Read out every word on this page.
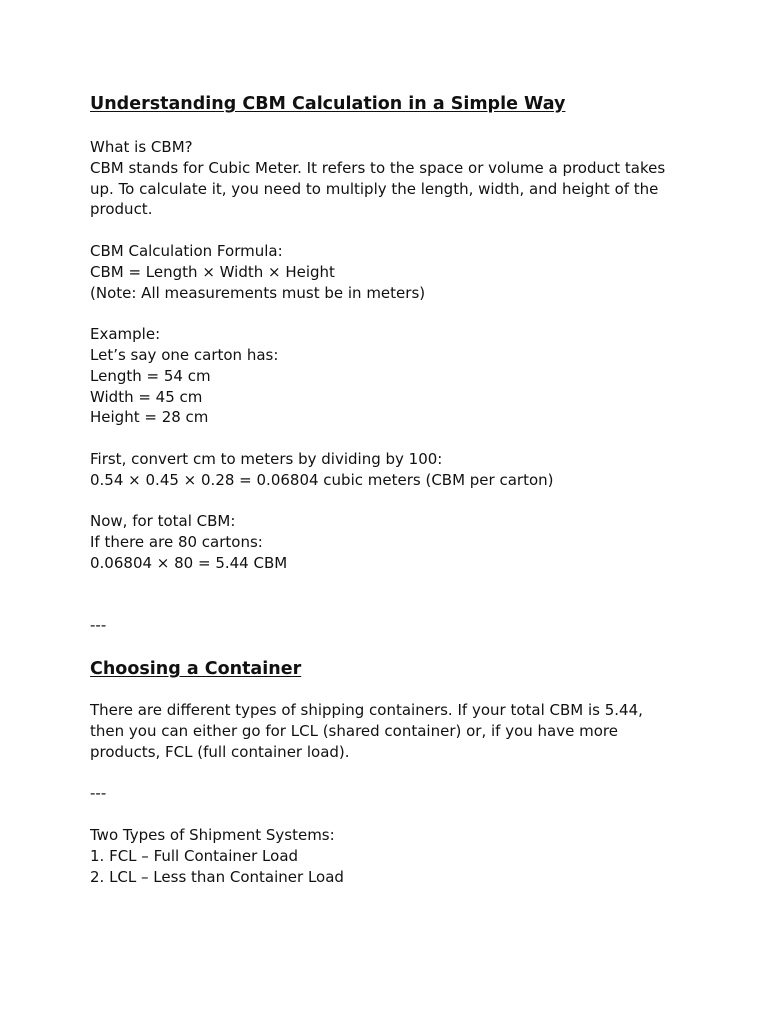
Understanding CBM Calculation in a Simple Way

What is CBM?

CBM stands for Cubic Meter. It refers to the space or volume a product takes

up. To calculate it, you need to multiply the length, width, and height of the

product.

CBM Calculation Formula:

CBM = Length × Width × Height

(Note: All measurements must be in meters)

Example:

Let’s say one carton has:

Length = 54 cm

Width = 45 cm

Height = 28 cm

First, convert cm to meters by dividing by 100:

0.54 × 0.45 × 0.28 = 0.06804 cubic meters (CBM per carton)

Now, for total CBM:

If there are 80 cartons:

0.06804 × 80 = 5.44 CBM

---

Choosing a Container

There are different types of shipping containers. If your total CBM is 5.44,

then you can either go for LCL (shared container) or, if you have more

products, FCL (full container load).

---

Two Types of Shipment Systems:

1. FCL – Full Container Load

2. LCL – Less than Container Load
